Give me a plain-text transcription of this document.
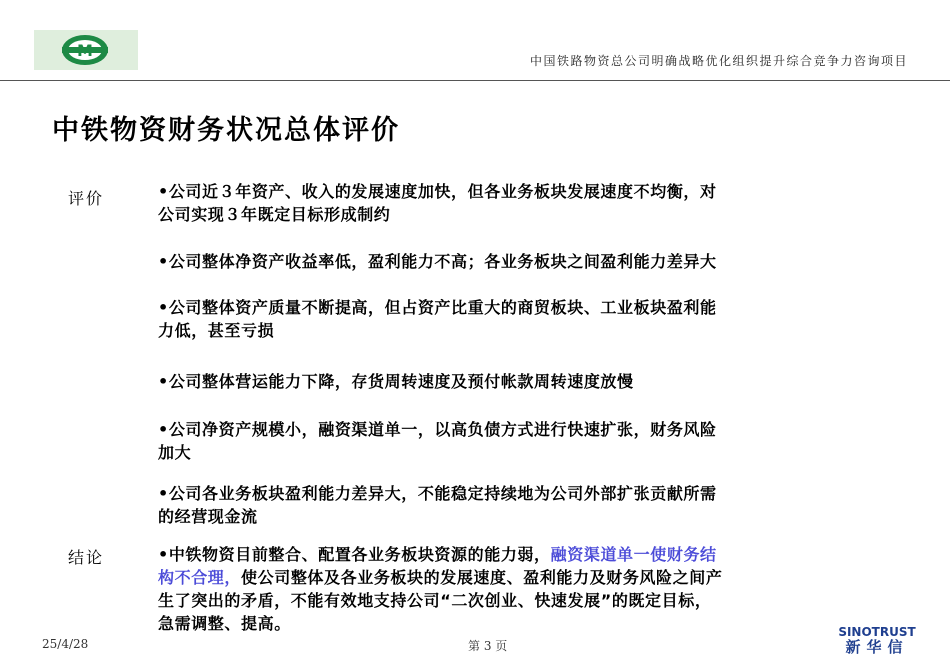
M
中国铁路物资总公司明确战略优化组织提升综合竞争力咨询项目
中铁物资财务状况总体评价
评价	•公司近３年资产、收入的发展速度加快，但各业务板块发展速度不均衡，对
公司实现３年既定目标形成制约
•公司整体净资产收益率低，盈利能力不高；各业务板块之间盈利能力差异大
•公司整体资产质量不断提高，但占资产比重大的商贸板块、工业板块盈利能
力低，甚至亏损
•公司整体营运能力下降，存货周转速度及预付帐款周转速度放慢
•公司净资产规模小，融资渠道单一，以高负债方式进行快速扩张，财务风险
加大
•公司各业务板块盈利能力差异大，不能稳定持续地为公司外部扩张贡献所需
的经营现金流
结论	•中铁物资目前整合、配置各业务板块资源的能力弱，融资渠道单一使财务结
构不合理，使公司整体及各业务板块的发展速度、盈利能力及财务风险之间产
生了突出的矛盾，不能有效地支持公司“二次创业、快速发展”的既定目标，
急需调整、提高。
25/4/28	第 3 页
SINOTRUST
新华信
